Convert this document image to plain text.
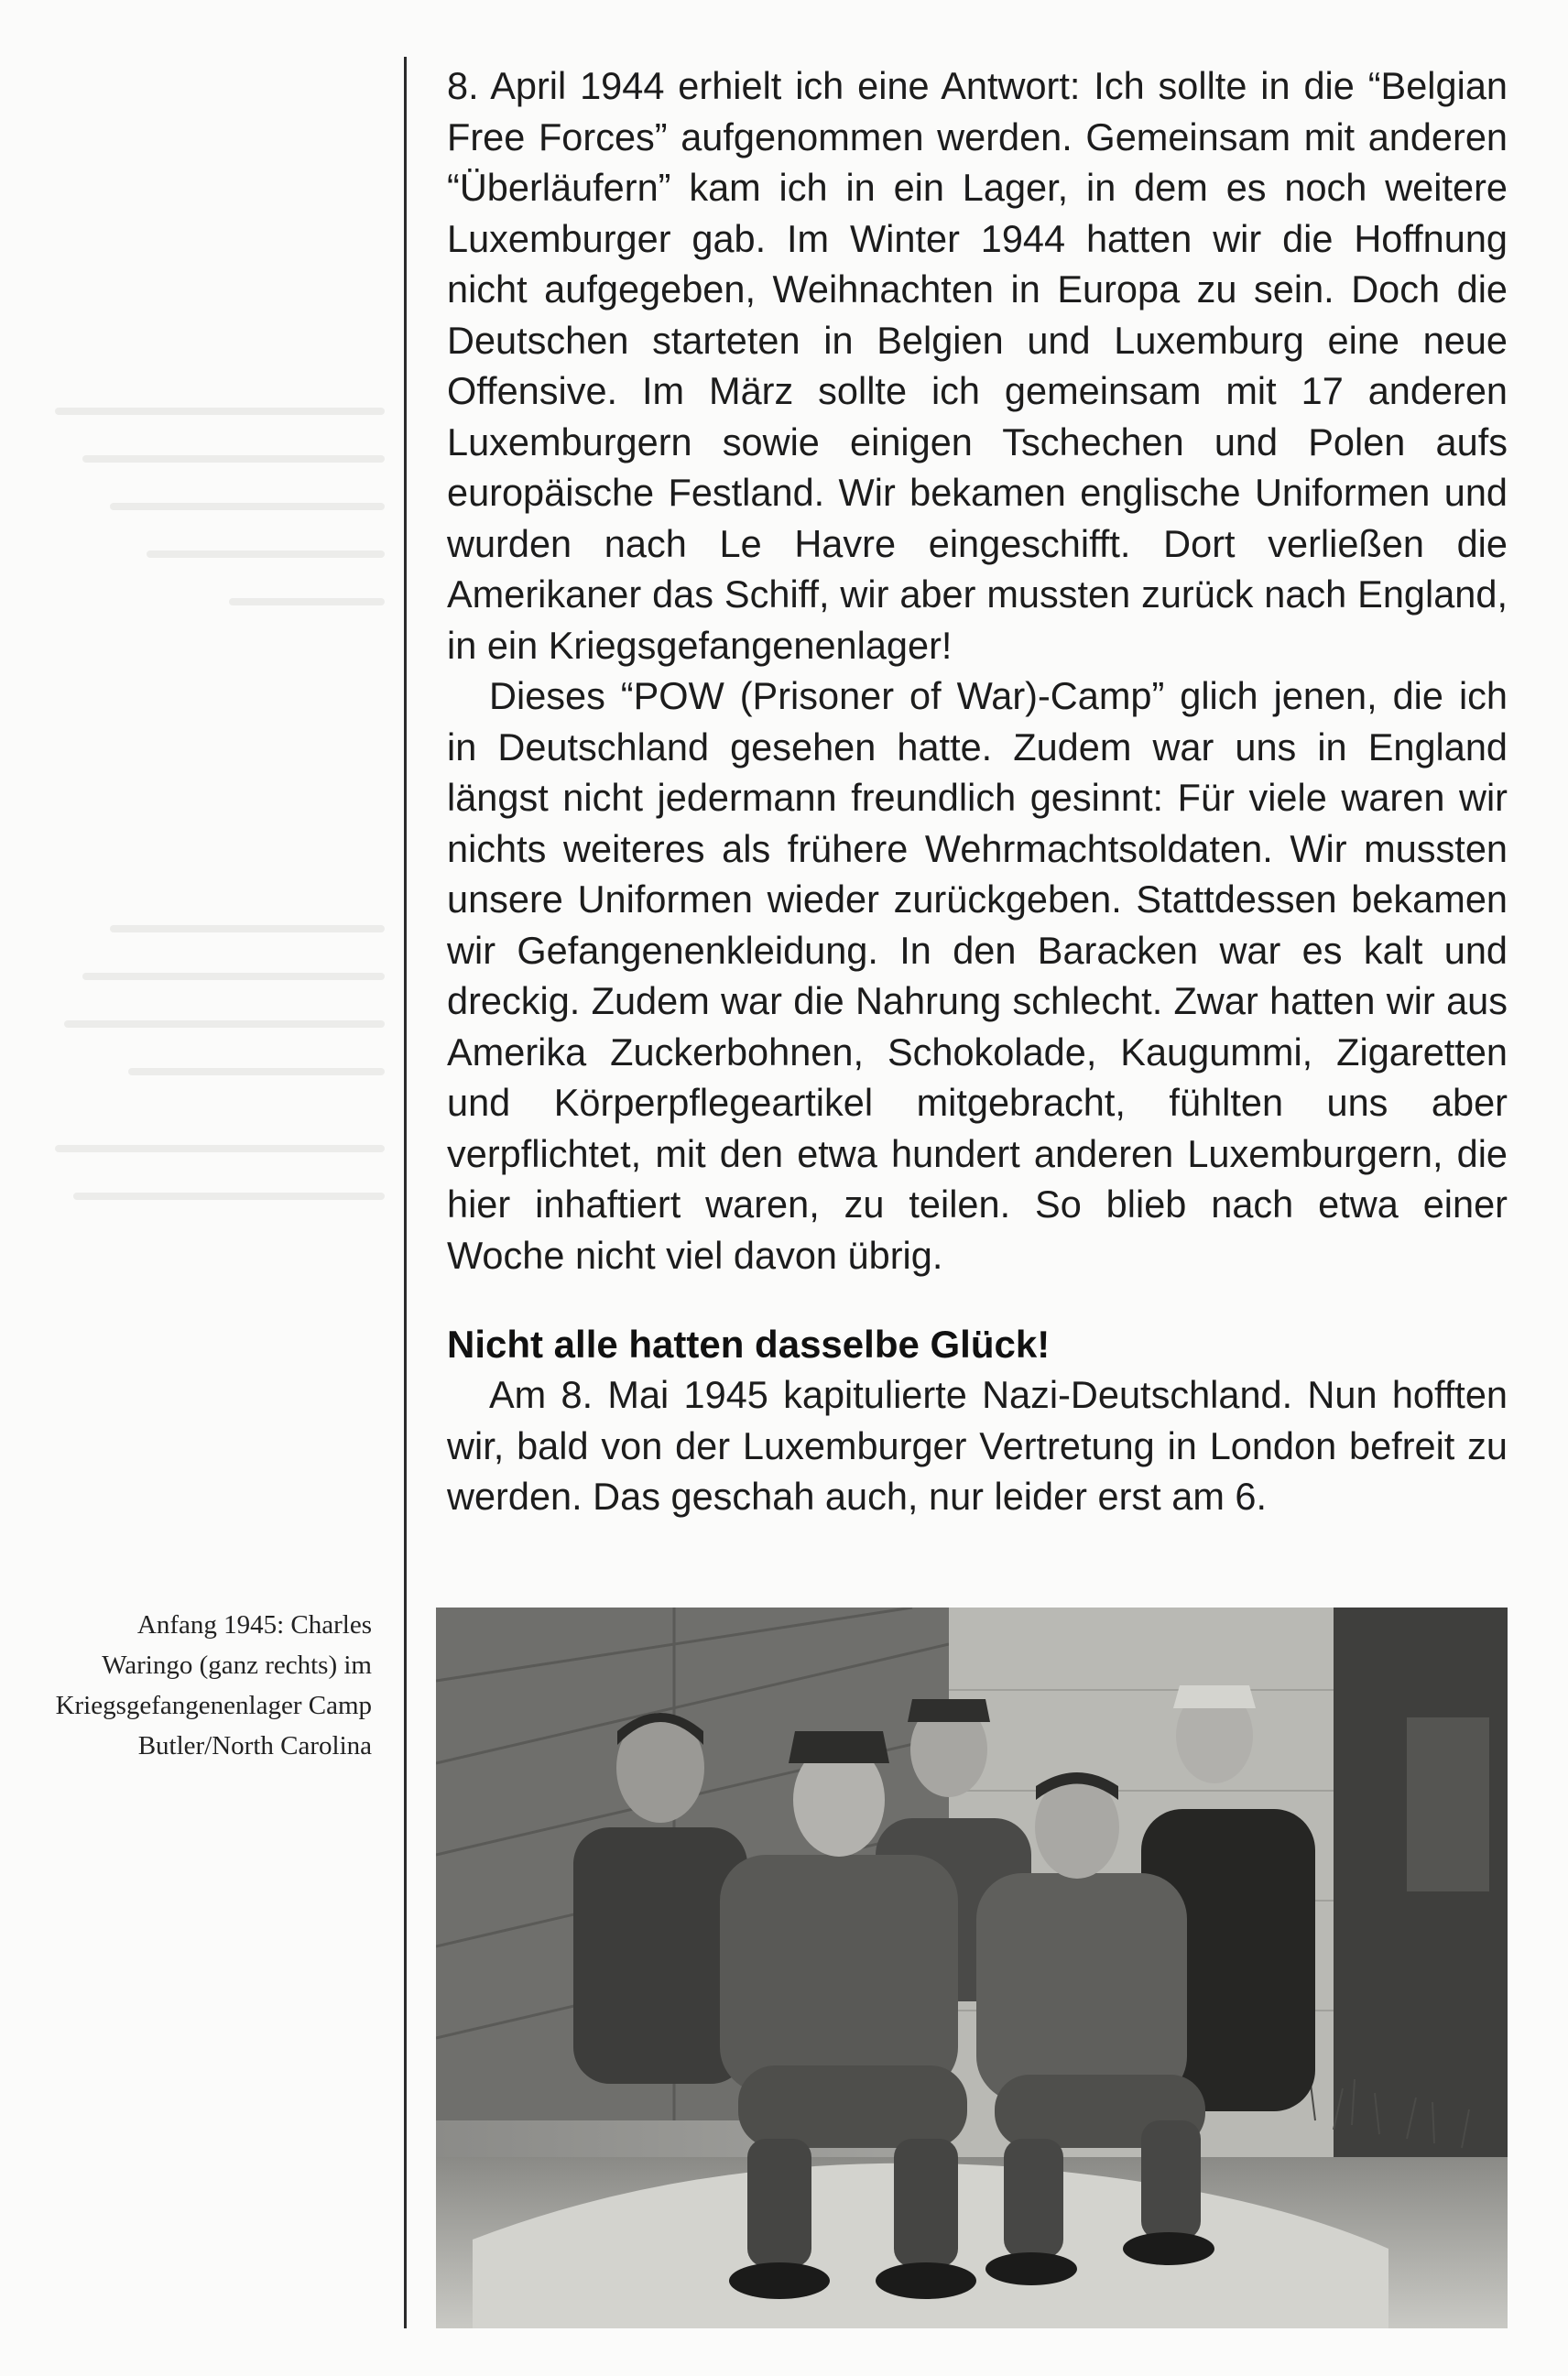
8. April 1944 erhielt ich eine Antwort: Ich sollte in die “Belgian Free Forces” aufgenommen werden. Gemeinsam mit anderen “Überläufern” kam ich in ein Lager, in dem es noch weitere Luxemburger gab. Im Winter 1944 hatten wir die Hoffnung nicht aufgegeben, Weihnachten in Europa zu sein. Doch die Deutschen starteten in Belgien und Luxemburg eine neue Offensive. Im März sollte ich gemeinsam mit 17 anderen Luxemburgern sowie einigen Tschechen und Polen aufs europäische Festland. Wir bekamen englische Uniformen und wurden nach Le Havre eingeschifft. Dort verließen die Amerikaner das Schiff, wir aber mussten zurück nach England, in ein Kriegsgefangenenlager!

Dieses “POW (Prisoner of War)-Camp” glich jenen, die ich in Deutschland gesehen hatte. Zudem war uns in England längst nicht jedermann freundlich gesinnt: Für viele waren wir nichts weiteres als frühere Wehrmachtsoldaten. Wir mussten unsere Uniformen wieder zurückgeben. Stattdessen bekamen wir Gefangenenkleidung. In den Baracken war es kalt und dreckig. Zudem war die Nahrung schlecht. Zwar hatten wir aus Amerika Zuckerbohnen, Schokolade, Kaugummi, Zigaretten und Körperpflegeartikel mitgebracht, fühlten uns aber verpflichtet, mit den etwa hundert anderen Luxemburgern, die hier inhaftiert waren, zu teilen. So blieb nach etwa einer Woche nicht viel davon übrig.

Nicht alle hatten dasselbe Glück!

Am 8. Mai 1945 kapitulierte Nazi-Deutschland. Nun hofften wir, bald von der Luxemburger Vertretung in London befreit zu werden. Das geschah auch, nur leider erst am 6.

Anfang 1945: Charles
Waringo (ganz rechts) im
Kriegsgefangenenlager Camp
Butler/North Carolina
